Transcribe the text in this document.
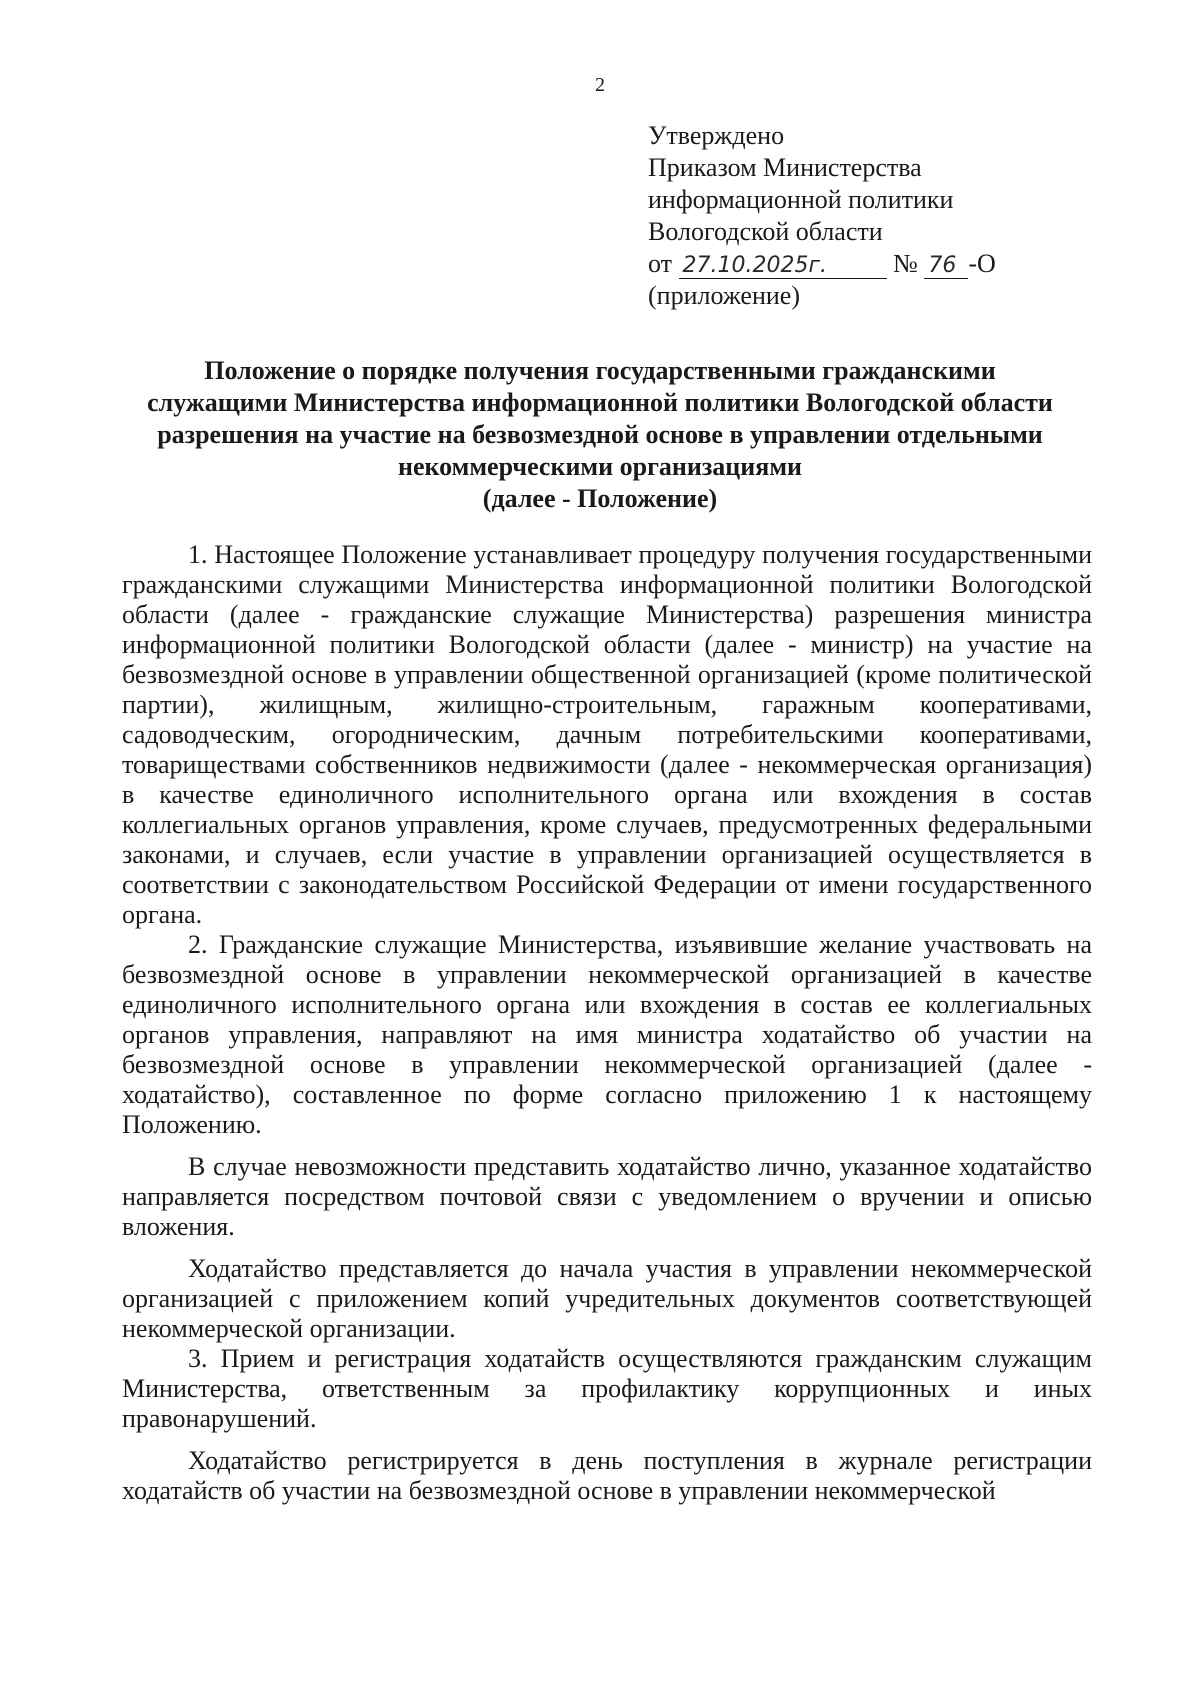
2
Утверждено
Приказом Министерства
информационной политики
Вологодской области
от 27.10.2025г.	№ 76 -О
(приложение)
Положение о порядке получения государственными гражданскими
служащими Министерства информационной политики Вологодской области
разрешения на участие на безвозмездной основе в управлении отдельными
некоммерческими организациями
(далее - Положение)

1. Настоящее Положение устанавливает процедуру получения государственными гражданскими служащими Министерства информационной политики Вологодской области (далее - гражданские служащие Министерства) разрешения министра информационной политики Вологодской области (далее - министр) на участие на безвозмездной основе в управлении общественной организацией (кроме политической партии), жилищным, жилищно-строительным, гаражным кооперативами, садоводческим, огородническим, дачным потребительскими кооперативами, товариществами собственников недвижимости (далее - некоммерческая организация) в качестве единоличного исполнительного органа или вхождения в состав коллегиальных органов управления, кроме случаев, предусмотренных федеральными законами, и случаев, если участие в управлении организацией осуществляется в соответствии с законодательством Российской Федерации от имени государственного органа.

2. Гражданские служащие Министерства, изъявившие желание участвовать на безвозмездной основе в управлении некоммерческой организацией в качестве единоличного исполнительного органа или вхождения в состав ее коллегиальных органов управления, направляют на имя министра ходатайство об участии на безвозмездной основе в управлении некоммерческой организацией (далее - ходатайство), составленное по форме согласно приложению 1 к настоящему Положению.

В случае невозможности представить ходатайство лично, указанное ходатайство направляется посредством почтовой связи с уведомлением о вручении и описью вложения.

Ходатайство представляется до начала участия в управлении некоммерческой организацией с приложением копий учредительных документов соответствующей некоммерческой организации.

3. Прием и регистрация ходатайств осуществляются гражданским служащим Министерства, ответственным за профилактику коррупционных и иных правонарушений.

Ходатайство регистрируется в день поступления в журнале регистрации ходатайств об участии на безвозмездной основе в управлении некоммерческой
